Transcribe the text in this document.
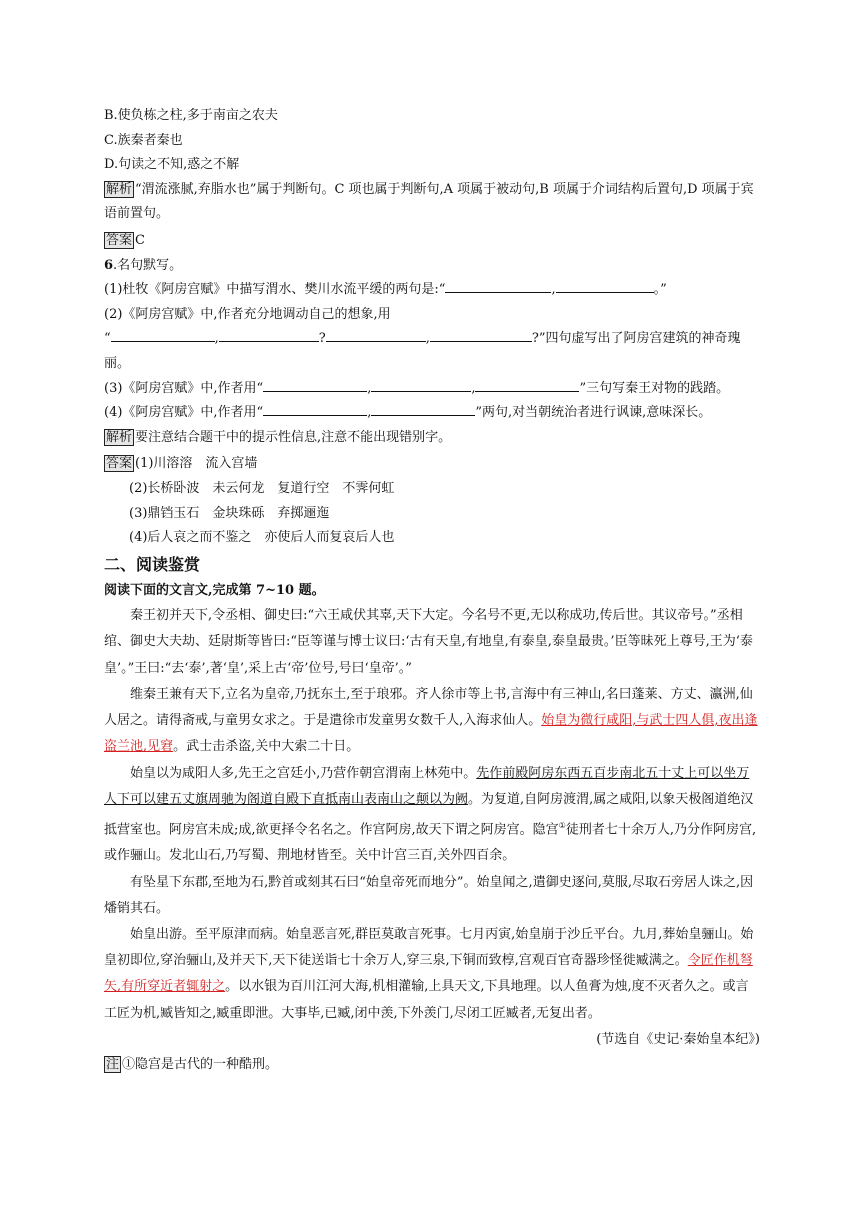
B.使负栋之柱,多于南亩之农夫
C.族秦者秦也
D.句读之不知,惑之不解
解析 “渭流涨腻,弃脂水也”属于判断句。C 项也属于判断句,A 项属于被动句,B 项属于介词结构后置句,D 项属于宾语前置句。
答案 C
6.名句默写。
(1)杜牧《阿房宫赋》中描写渭水、樊川水流平缓的两句是:“	,	。”
(2)《阿房宫赋》中,作者充分地调动自己的想象,用
“	,	?	,	?”四句虚写出了阿房宫建筑的神奇瑰
丽。
(3)《阿房宫赋》中,作者用“	,	,	”三句写秦王对物的践踏。
(4)《阿房宫赋》中,作者用“	,	”两句,对当朝统治者进行讽谏,意味深长。
解析 要注意结合题干中的提示性信息,注意不能出现错别字。
答案 (1)川溶溶　流入宫墙
(2)长桥卧波　未云何龙　复道行空　不霁何虹
(3)鼎铛玉石　金块珠砾　弃掷逦迤
(4)后人哀之而不鉴之　亦使后人而复哀后人也
二、阅读鉴赏
阅读下面的文言文,完成第 7~10 题。
秦王初并天下,令丞相、御史曰:“六王咸伏其辜,天下大定。今名号不更,无以称成功,传后世。其议帝号。”丞相绾、御史大夫劫、廷尉斯等皆曰:“臣等谨与博士议曰:‘古有天皇,有地皇,有泰皇,泰皇最贵。’臣等昧死上尊号,王为‘泰皇’。”王曰:“去‘泰’,著‘皇’,采上古‘帝’位号,号曰‘皇帝’。”
维秦王兼有天下,立名为皇帝,乃抚东土,至于琅邪。齐人徐市等上书,言海中有三神山,名曰蓬莱、方丈、瀛洲,仙人居之。请得斋戒,与童男女求之。于是遣徐市发童男女数千人,入海求仙人。始皇为微行咸阳,与武士四人俱,夜出逢盗兰池,见窘。武士击杀盗,关中大索二十日。
始皇以为咸阳人多,先王之宫廷小,乃营作朝宫渭南上林苑中。先作前殿阿房东西五百步南北五十丈上可以坐万人下可以建五丈旗周驰为阁道自殿下直抵南山表南山之颠以为阙。为复道,自阿房渡渭,属之咸阳,以象天极阁道绝汉抵营室也。阿房宫未成;成,欲更择令名名之。作宫阿房,故天下谓之阿房宫。隐宫①徒刑者七十余万人,乃分作阿房宫,或作骊山。发北山石,乃写蜀、荆地材皆至。关中计宫三百,关外四百余。
有坠星下东郡,至地为石,黔首或刻其石曰“始皇帝死而地分”。始皇闻之,遣御史逐问,莫服,尽取石旁居人诛之,因燔销其石。
始皇出游。至平原津而病。始皇恶言死,群臣莫敢言死事。七月丙寅,始皇崩于沙丘平台。九月,葬始皇骊山。始皇初即位,穿治骊山,及并天下,天下徒送诣七十余万人,穿三泉,下铜而致椁,宫观百官奇器珍怪徙臧满之。令匠作机弩矢,有所穿近者辄射之。以水银为百川江河大海,机相灌输,上具天文,下具地理。以人鱼膏为烛,度不灭者久之。或言工匠为机,臧皆知之,臧重即泄。大事毕,已臧,闭中羡,下外羡门,尽闭工匠臧者,无复出者。
(节选自《史记·秦始皇本纪》)
注 ①隐宫是古代的一种酷刑。
